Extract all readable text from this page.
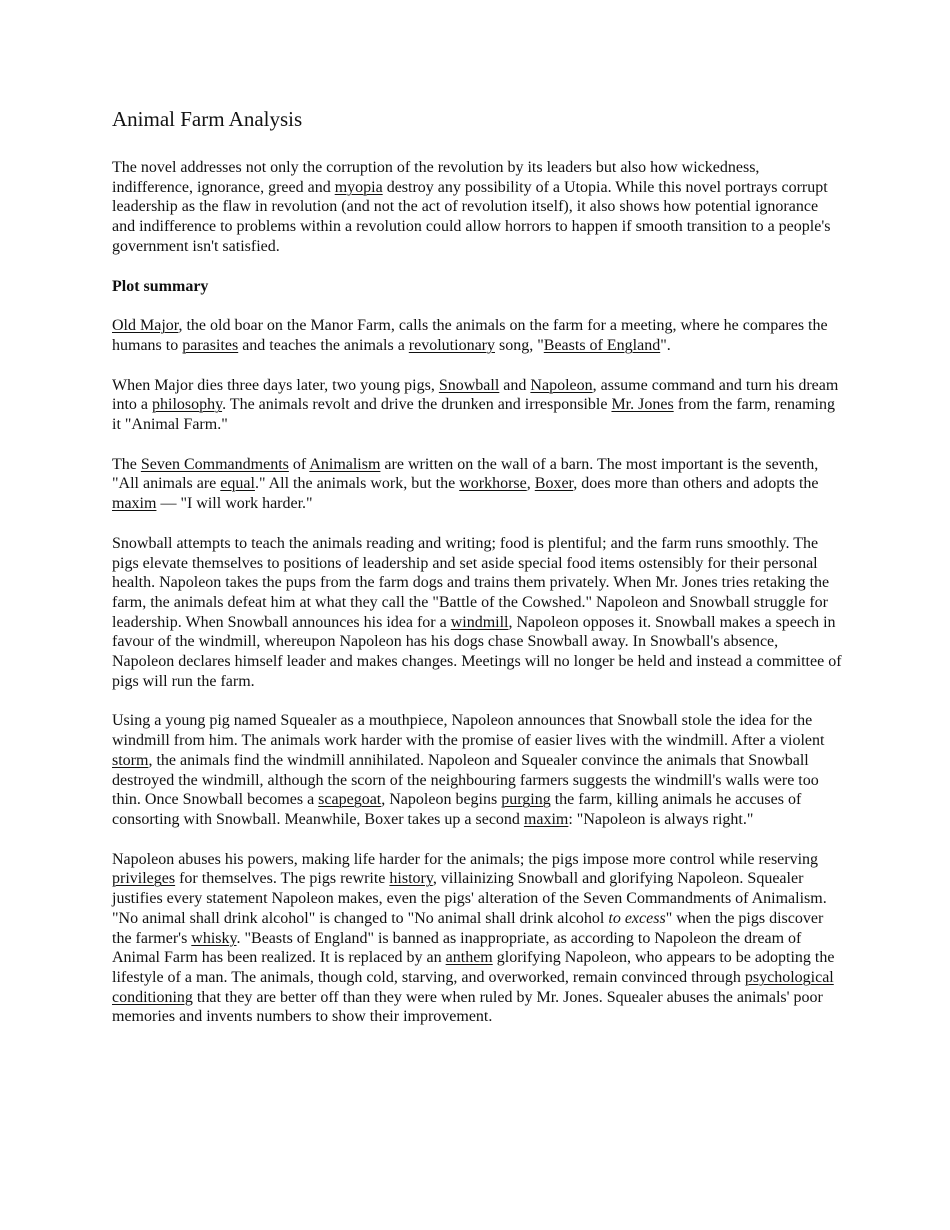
Animal Farm Analysis

The novel addresses not only the corruption of the revolution by its leaders but also how wickedness, indifference, ignorance, greed and myopia destroy any possibility of a Utopia. While this novel portrays corrupt leadership as the flaw in revolution (and not the act of revolution itself), it also shows how potential ignorance and indifference to problems within a revolution could allow horrors to happen if smooth transition to a people's government isn't satisfied.

Plot summary

Old Major, the old boar on the Manor Farm, calls the animals on the farm for a meeting, where he compares the humans to parasites and teaches the animals a revolutionary song, "Beasts of England".

When Major dies three days later, two young pigs, Snowball and Napoleon, assume command and turn his dream into a philosophy. The animals revolt and drive the drunken and irresponsible Mr. Jones from the farm, renaming it "Animal Farm."

The Seven Commandments of Animalism are written on the wall of a barn. The most important is the seventh, "All animals are equal." All the animals work, but the workhorse, Boxer, does more than others and adopts the maxim — "I will work harder."

Snowball attempts to teach the animals reading and writing; food is plentiful; and the farm runs smoothly. The pigs elevate themselves to positions of leadership and set aside special food items ostensibly for their personal health. Napoleon takes the pups from the farm dogs and trains them privately. When Mr. Jones tries retaking the farm, the animals defeat him at what they call the "Battle of the Cowshed." Napoleon and Snowball struggle for leadership. When Snowball announces his idea for a windmill, Napoleon opposes it. Snowball makes a speech in favour of the windmill, whereupon Napoleon has his dogs chase Snowball away. In Snowball's absence, Napoleon declares himself leader and makes changes. Meetings will no longer be held and instead a committee of pigs will run the farm.

Using a young pig named Squealer as a mouthpiece, Napoleon announces that Snowball stole the idea for the windmill from him. The animals work harder with the promise of easier lives with the windmill. After a violent storm, the animals find the windmill annihilated. Napoleon and Squealer convince the animals that Snowball destroyed the windmill, although the scorn of the neighbouring farmers suggests the windmill's walls were too thin. Once Snowball becomes a scapegoat, Napoleon begins purging the farm, killing animals he accuses of consorting with Snowball. Meanwhile, Boxer takes up a second maxim: "Napoleon is always right."

Napoleon abuses his powers, making life harder for the animals; the pigs impose more control while reserving privileges for themselves. The pigs rewrite history, villainizing Snowball and glorifying Napoleon. Squealer justifies every statement Napoleon makes, even the pigs' alteration of the Seven Commandments of Animalism. "No animal shall drink alcohol" is changed to "No animal shall drink alcohol to excess" when the pigs discover the farmer's whisky. "Beasts of England" is banned as inappropriate, as according to Napoleon the dream of Animal Farm has been realized. It is replaced by an anthem glorifying Napoleon, who appears to be adopting the lifestyle of a man. The animals, though cold, starving, and overworked, remain convinced through psychological conditioning that they are better off than they were when ruled by Mr. Jones. Squealer abuses the animals' poor memories and invents numbers to show their improvement.
